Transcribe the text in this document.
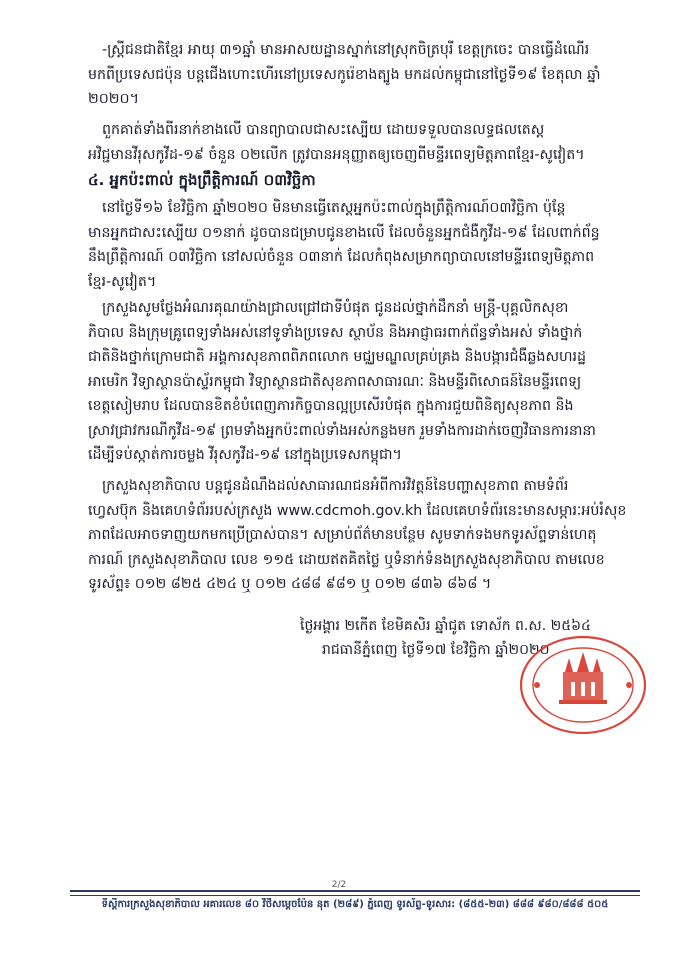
-ស្ត្រីជនជាតិខ្មែរ អាយុ ៣១ឆ្នាំ មានអាសយដ្ឋានស្នាក់នៅស្រុកចិត្របុរី ខេត្តក្រចេះ បានធ្វើដំណើរ
មកពីប្រទេសជប៉ុន បន្តជើងហោះហើរនៅប្រទេសកូរ៉េខាងត្បូង មកដល់កម្ពុជានៅថ្ងៃទី១៩ ខែតុលា ឆ្នាំ
២០២០។
ពួកគាត់ទាំងពីរនាក់ខាងលើ បានព្យាបាលជាសះស្បើយ ដោយទទួលបានលទ្ធផលតេស្ត
អវិជ្ជមានវីរុសកូវីដ-១៩ ចំនួន ០២លើក ត្រូវបានអនុញ្ញាតឲ្យចេញពីមន្ទីរពេទ្យមិត្តភាពខ្មែរ-សូវៀត។
៤. អ្នកប៉ះពាល់ ក្នុងព្រឹត្តិការណ៍ ០៣វិច្ឆិកា
នៅថ្ងៃទី១៦ ខែវិច្ឆិកា ឆ្នាំ២០២០ មិនមានធ្វើតេស្តអ្នកប៉ះពាល់ក្នុងព្រឹត្តិការណ៍០៣វិច្ឆិកា ប៉ុន្តែ
មានអ្នកជាសះស្បើយ ០១នាក់ ដូចបានជម្រាបជូនខាងលើ ដែលចំនួនអ្នកជំងឺកូវីដ-១៩ ដែលពាក់ព័ន្ធ
នឹងព្រឹត្តិការណ៍ ០៣វិច្ឆិកា នៅសល់ចំនួន ០៣នាក់ ដែលកំពុងសម្រាកព្យាបាលនៅមន្ទីរពេទ្យមិត្តភាព
ខ្មែរ-សូវៀត។
ក្រសួងសូមថ្លែងអំណរគុណយ៉ាងជ្រាលជ្រៅជាទីបំផុត ជូនដល់ថ្នាក់ដឹកនាំ មន្ត្រី-បុគ្គលិកសុខា
ភិបាល និងក្រុមគ្រូពេទ្យទាំងអស់នៅទូទាំងប្រទេស ស្ថាប័ន និងអាជ្ញាធរពាក់ព័ន្ធទាំងអស់ ទាំងថ្នាក់
ជាតិនិងថ្នាក់ក្រោមជាតិ អង្គការសុខភាពពិភពលោក មជ្ឈមណ្ឌលគ្រប់គ្រង និងបង្ការជំងឺឆ្លងសហរដ្ឋ
អាមេរិក វិទ្យាស្ថានប៉ាស្ទ័រកម្ពុជា វិទ្យាស្ថានជាតិសុខភាពសាធារណៈ និងមន្ទីរពិសោធន៍នៃមន្ទីរពេទ្យ
ខេត្តសៀមរាប ដែលបានខិតខំបំពេញភារកិច្ចបានល្អប្រសើរបំផុត ក្នុងការជួយពិនិត្យសុខភាព និង
ស្រាវជ្រាវករណីកូវីដ-១៩ ព្រមទាំងអ្នកប៉ះពាល់ទាំងអស់កន្លងមក រួមទាំងការដាក់ចេញវិធានការនានា
ដើម្បីទប់ស្កាត់ការចម្លង វីរុសកូវីដ-១៩ នៅក្នុងប្រទេសកម្ពុជា។
ក្រសួងសុខាភិបាល បន្តជូនដំណឹងដល់សាធារណជនអំពីការវិវត្តន៍នៃបញ្ហាសុខភាព តាមទំព័រ
ហ្វេសប៊ុក និងគេហទំព័ររបស់ក្រសួង www.cdcmoh.gov.kh ដែលគេហទំព័រនេះមានសម្ភារៈអប់រំសុខ
ភាពដែលអាចទាញយកមកប្រើប្រាស់បាន។ សម្រាប់ព័ត៌មានបន្ថែម សូមទាក់ទងមកទូរស័ព្ទទាន់ហេតុ
ការណ៍ ក្រសួងសុខាភិបាល លេខ ១១៥ ដោយឥតគិតថ្លៃ ឬទំនាក់ទំនងក្រសួងសុខាភិបាល តាមលេខ
ទូរស័ព្ទ៖ ០១២ ៨២៥ ៤២៤ ឬ ០១២ ៤៨៨ ៩៨១ ឬ ០១២ ៨៣៦ ៨៦៨ ។
ថ្ងៃអង្គារ ២កើត ខែមិគសិរ ឆ្នាំជូត ទោស័ក ព.ស. ២៥៦៤
រាជធានីភ្នំពេញ ថ្ងៃទី១៧ ខែវិច្ឆិកា ឆ្នាំ២០២០
2/2
ទីស្តីការក្រសួងសុខាភិបាល អគារលេខ ៨០ វិថីសម្ដេចប៉ែន នុត (២៨៩) ភ្នំពេញ ទូរស័ព្ទ-ទូរសារ: (៨៥៥-២៣) ៨៨៨ ៩៨០/៨៨៨ ៥០៥
